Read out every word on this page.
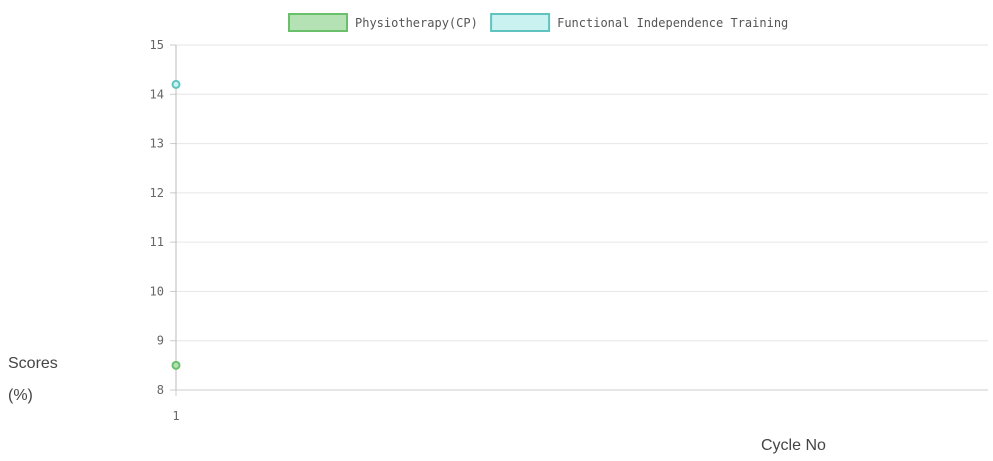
8
9
10
11
12
13
14
15
1
Physiotherapy(CP)	Functional Independence Training
Scores
(%)
Cycle No
